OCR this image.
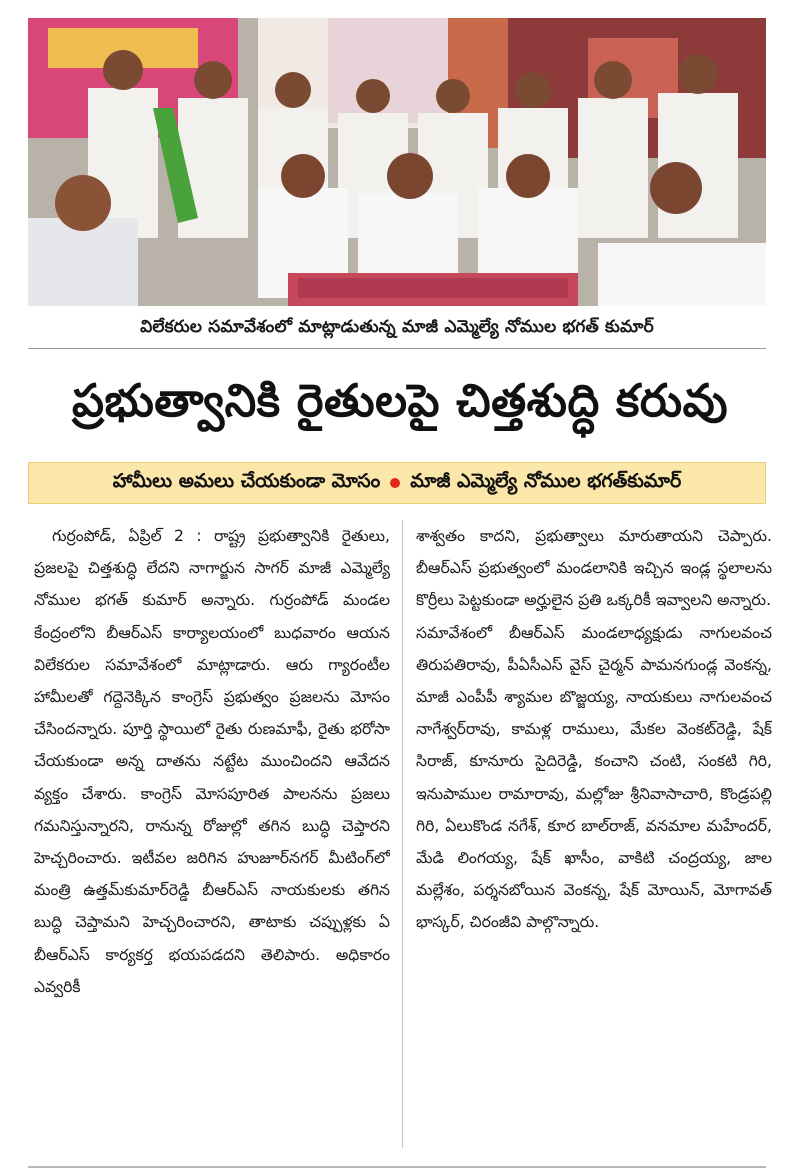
విలేకరుల సమావేశంలో మాట్లాడుతున్న మాజీ ఎమ్మెల్యే నోముల భగత్ కుమార్
ప్రభుత్వానికి రైతులపై చిత్తశుద్ధి కరువు
హామీలు అమలు చేయకుండా మోసం మాజీ ఎమ్మెల్యే నోముల భగత్‌కుమార్

గుర్రంపోడ్, ఏప్రిల్ 2 : రాష్ట్ర ప్రభుత్వానికి రైతులు, ప్రజలపై చిత్తశుద్ధి లేదని నాగార్జున సాగర్ మాజీ ఎమ్మెల్యే నోముల భగత్ కుమార్ అన్నారు. గుర్రంపోడ్ మండల కేంద్రంలోని బీఆర్ఎస్ కార్యాలయంలో బుధవారం ఆయన విలేకరుల సమావేశంలో మాట్లాడారు. ఆరు గ్యారంటీల హామీలతో గద్దెనెక్కిన కాంగ్రెస్ ప్రభుత్వం ప్రజలను మోసం చేసిందన్నారు. పూర్తి స్థాయిలో రైతు రుణమాఫీ, రైతు భరోసా చేయకుండా అన్న దాతను నట్టేట ముంచిందని ఆవేదన వ్యక్తం చేశారు. కాంగ్రెస్ మోసపూరిత పాలనను ప్రజలు గమనిస్తున్నారని, రానున్న రోజుల్లో తగిన బుద్ధి చెప్తారని హెచ్చరించారు. ఇటీవల జరిగిన హుజూర్‌నగర్ మీటింగ్‌లో మంత్రి ఉత్తమ్‌కుమార్‌రెడ్డి బీఆర్ఎస్ నాయకులకు తగిన బుద్ధి చెప్తామని హెచ్చరించారని, తాటాకు చప్పుళ్లకు ఏ బీఆర్ఎస్ కార్యకర్త భయపడదని తెలిపారు. అధికారం ఎవ్వరికీ

శాశ్వతం కాదని, ప్రభుత్వాలు మారుతాయని చెప్పారు. బీఆర్ఎస్ ప్రభుత్వంలో మండలానికి ఇచ్చిన ఇండ్ల స్థలాలను కొర్రీలు పెట్టకుండా అర్హులైన ప్రతి ఒక్కరికీ ఇవ్వాలని అన్నారు.

సమావేశంలో బీఆర్ఎస్ మండలాధ్యక్షుడు నాగులవంచ తిరుపతిరావు, పీఏసీఎస్ వైస్ చైర్మన్ పామనగుండ్ల వెంకన్న, మాజీ ఎంపీపీ శ్యామల బొజ్జయ్య, నాయకులు నాగులవంచ నాగేశ్వర్‌రావు, కామళ్ల రాములు, మేకల వెంకట్‌రెడ్డి, షేక్ సిరాజ్, కూనూరు సైదిరెడ్డి, కంచాని చంటి, సంకటి గిరి, ఇనుపాముల రామారావు, మల్లోజు శ్రీనివాసాచారి, కొండ్రపల్లి గిరి, ఏలుకొండ నగేశ్, కూర బాల్‌రాజ్, వనమాల మహేందర్, మేడి లింగయ్య, షేక్ ఖాసీం, వాకిటి చంద్రయ్య, జాల మల్లేశం, పర్శనబోయిన వెంకన్న, షేక్ మోయిన్, మోగావత్ భాస్కర్, చిరంజీవి పాల్గొన్నారు.
